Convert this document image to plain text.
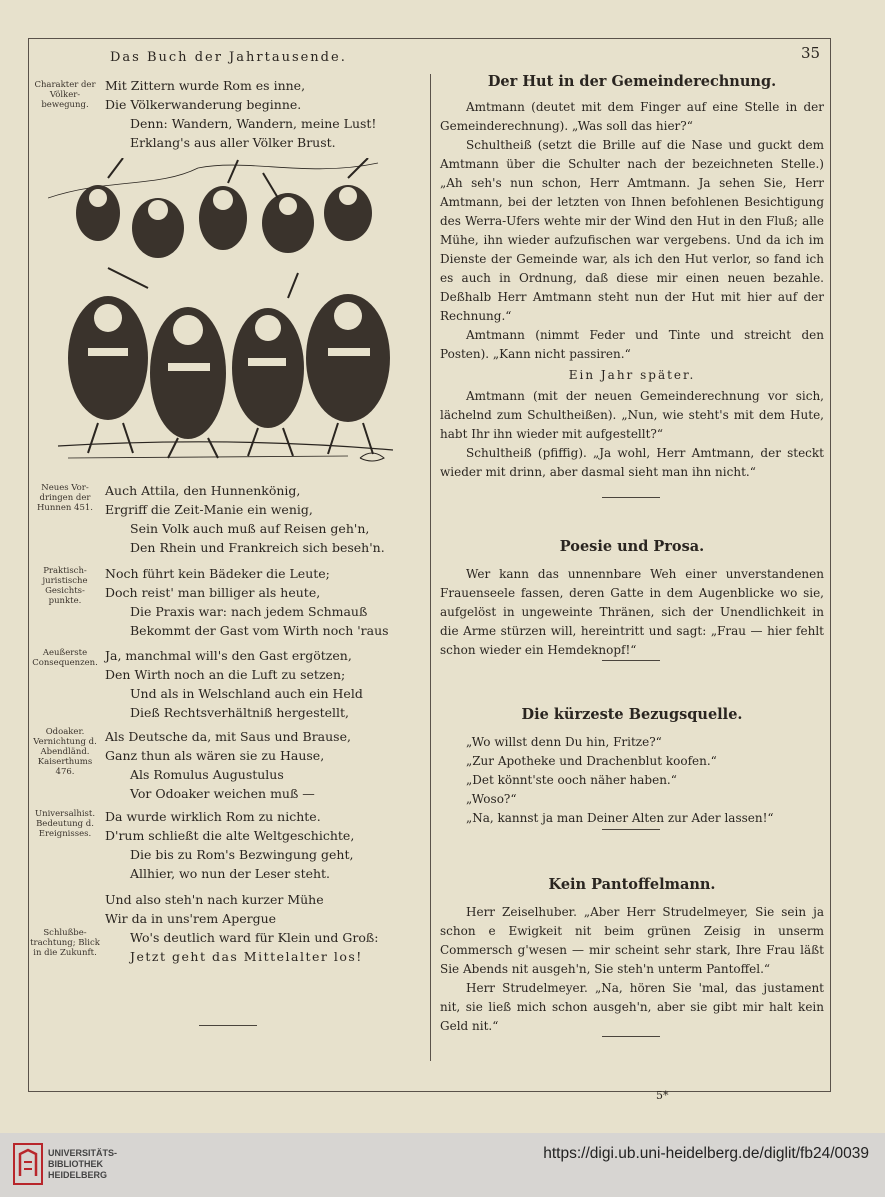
Das Buch der Jahrtausende.	35
Charakter der Völker-bewegung.
Mit Zittern wurde Rom es inne,
Die Völkerwanderung beginne.
Denn: Wandern, Wandern, meine Lust!
Erklang's aus aller Völker Brust.
Neues Vor-dringen der Hunnen 451.
Auch Attila, den Hunnenkönig,
Ergriff die Zeit-Manie ein wenig,
Sein Volk auch muß auf Reisen geh'n,
Den Rhein und Frankreich sich beseh'n.
Praktisch-juristische Gesichts-punkte.
Noch führt kein Bädeker die Leute;
Doch reist' man billiger als heute,
Die Praxis war: nach jedem Schmauß
Bekommt der Gast vom Wirth noch 'raus
Aeußerste Consequenzen. Ja, manchmal will's den Gast ergötzen,
Den Wirth noch an die Luft zu setzen;
Und als in Welschland auch ein Held
Dieß Rechtsverhältniß hergestellt,
Odoaker. Vernichtung d. Abendländ. Kaiserthums 476.
Als Deutsche da, mit Saus und Brause,
Ganz thun als wären sie zu Hause,
Als Romulus Augustulus
Vor Odoaker weichen muß —
Universalhist. Bedeutung d. Ereignisses.
Da wurde wirklich Rom zu nichte.
D'rum schließt die alte Weltgeschichte,
Die bis zu Rom's Bezwingung geht,
Allhier, wo nun der Leser steht.
Schlußbe-trachtung; Blick in die Zukunft.
Und also steh'n nach kurzer Mühe
Wir da in uns'rem Apergue
Wo's deutlich ward für Klein und Groß:
Jetzt geht das Mittelalter los!
Der Hut in der Gemeinderechnung.

Amtmann (deutet mit dem Finger auf eine Stelle in der Gemeinderechnung). „Was soll das hier?“

Schultheiß (setzt die Brille auf die Nase und guckt dem Amtmann über die Schulter nach der bezeichneten Stelle.) „Ah seh's nun schon, Herr Amtmann. Ja sehen Sie, Herr Amtmann, bei der letzten von Ihnen befohlenen Besichtigung des Werra-Ufers wehte mir der Wind den Hut in den Fluß; alle Mühe, ihn wieder aufzufischen war vergebens. Und da ich im Dienste der Gemeinde war, als ich den Hut verlor, so fand ich es auch in Ordnung, daß diese mir einen neuen bezahle. Deßhalb Herr Amtmann steht nun der Hut mit hier auf der Rechnung.“

Amtmann (nimmt Feder und Tinte und streicht den Posten). „Kann nicht passiren.“

Ein Jahr später.

Amtmann (mit der neuen Gemeinderechnung vor sich, lächelnd zum Schultheißen). „Nun, wie steht's mit dem Hute, habt Ihr ihn wieder mit aufgestellt?“

Schultheiß (pfiffig). „Ja wohl, Herr Amtmann, der steckt wieder mit drinn, aber dasmal sieht man ihn nicht.“

Poesie und Prosa.

Wer kann das unnennbare Weh einer unverstandenen Frauenseele fassen, deren Gatte in dem Augenblicke wo sie, aufgelöst in ungeweinte Thränen, sich der Unendlichkeit in die Arme stürzen will, hereintritt und sagt: „Frau — hier fehlt schon wieder ein Hemdeknopf!“

Die kürzeste Bezugsquelle.

„Wo willst denn Du hin, Fritze?“

„Zur Apotheke und Drachenblut koofen.“

„Det könnt'ste ooch näher haben.“

„Woso?“

„Na, kannst ja man Deiner Alten zur Ader lassen!“

Kein Pantoffelmann.

Herr Zeiselhuber. „Aber Herr Strudelmeyer, Sie sein ja schon e Ewigkeit nit beim grünen Zeisig in unserm Commersch g'wesen — mir scheint sehr stark, Ihre Frau läßt Sie Abends nit ausgeh'n, Sie steh'n unterm Pantoffel.“

Herr Strudelmeyer. „Na, hören Sie 'mal, das justament nit, sie ließ mich schon ausgeh'n, aber sie gibt mir halt kein Geld nit.“

5*
UNIVERSITÄTS-
BIBLIOTHEK
HEIDELBERG
https://digi.ub.uni-heidelberg.de/diglit/fb24/0039
